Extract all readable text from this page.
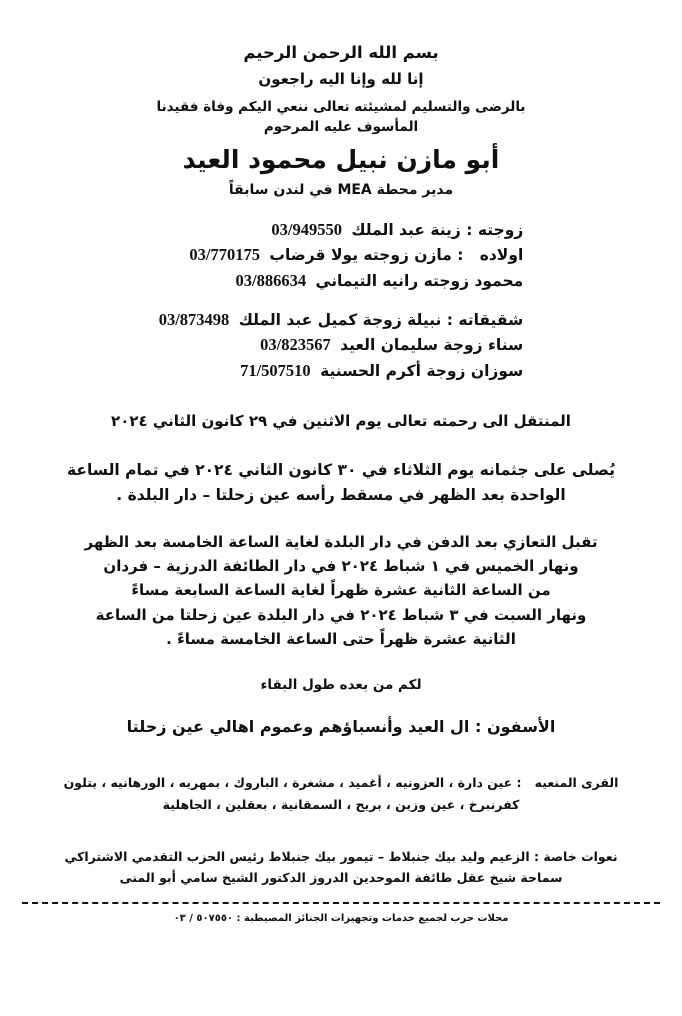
بسم الله الرحمن الرحيم
إنا لله وإنا اليه راجعون
بالرضى والتسليم لمشيئته تعالى ننعي اليكم وفاة فقيدنا
المأسوف عليه المرحوم
أبو مازن نبيل محمود العيد
مدير محطة MEA في لندن سابقاً
زوجته : زينة عبد الملك 03/949550
اولاده   : مازن زوجته يولا قرضاب 03/770175
محمود زوجته رانيه التيماني 03/886634
شقيقاته : نبيلة زوجة كميل عبد الملك 03/873498
سناء زوجة سليمان العيد 03/823567
سوزان زوجة أكرم الحسنية 71/507510
المنتقل الى رحمته تعالى يوم الاثنين في ٢٩ كانون الثاني ٢٠٢٤
يُصلى على جثمانه يوم الثلاثاء في ٣٠ كانون الثاني ٢٠٢٤ في تمام الساعة
الواحدة بعد الظهر في مسقط رأسه عين زحلتا – دار البلدة .
تقبل التعازي بعد الدفن في دار البلدة لغاية الساعة الخامسة بعد الظهر
ونهار الخميس في ١ شباط ٢٠٢٤ في دار الطائفة الدرزية – فردان
من الساعة الثانية عشرة ظهراً لغاية الساعة السابعة مساءً
ونهار السبت في ٣ شباط ٢٠٢٤ في دار البلدة عين زحلتا من الساعة
الثانية عشرة ظهراً حتى الساعة الخامسة مساءً .
لكم من بعده طول البقاء
الأسفون : ال العيد وأنسباؤهم وعموم اهالي عين زحلتا
القرى المنعيه   : عين دارة ، العزونيه ، أغميد ، مشغرة ، الباروك ، بمهريه ، الورهانيه ، بتلون
كفرنبرخ ، عين وزين ، بريح ، السمقانية ، بعقلين ، الجاهلية
نعوات خاصة : الزعيم وليد بيك جنبلاط – تيمور بيك جنبلاط رئيس الحزب التقدمي الاشتراكي
سماحة شيخ عقل طائفة الموحدين الدروز الدكتور الشيخ سامي أبو المنى
محلات حرب لجميع خدمات وتجهيزات الجنائز المصيطبة : ٥٠٧٥٥٠ / ٠٣
